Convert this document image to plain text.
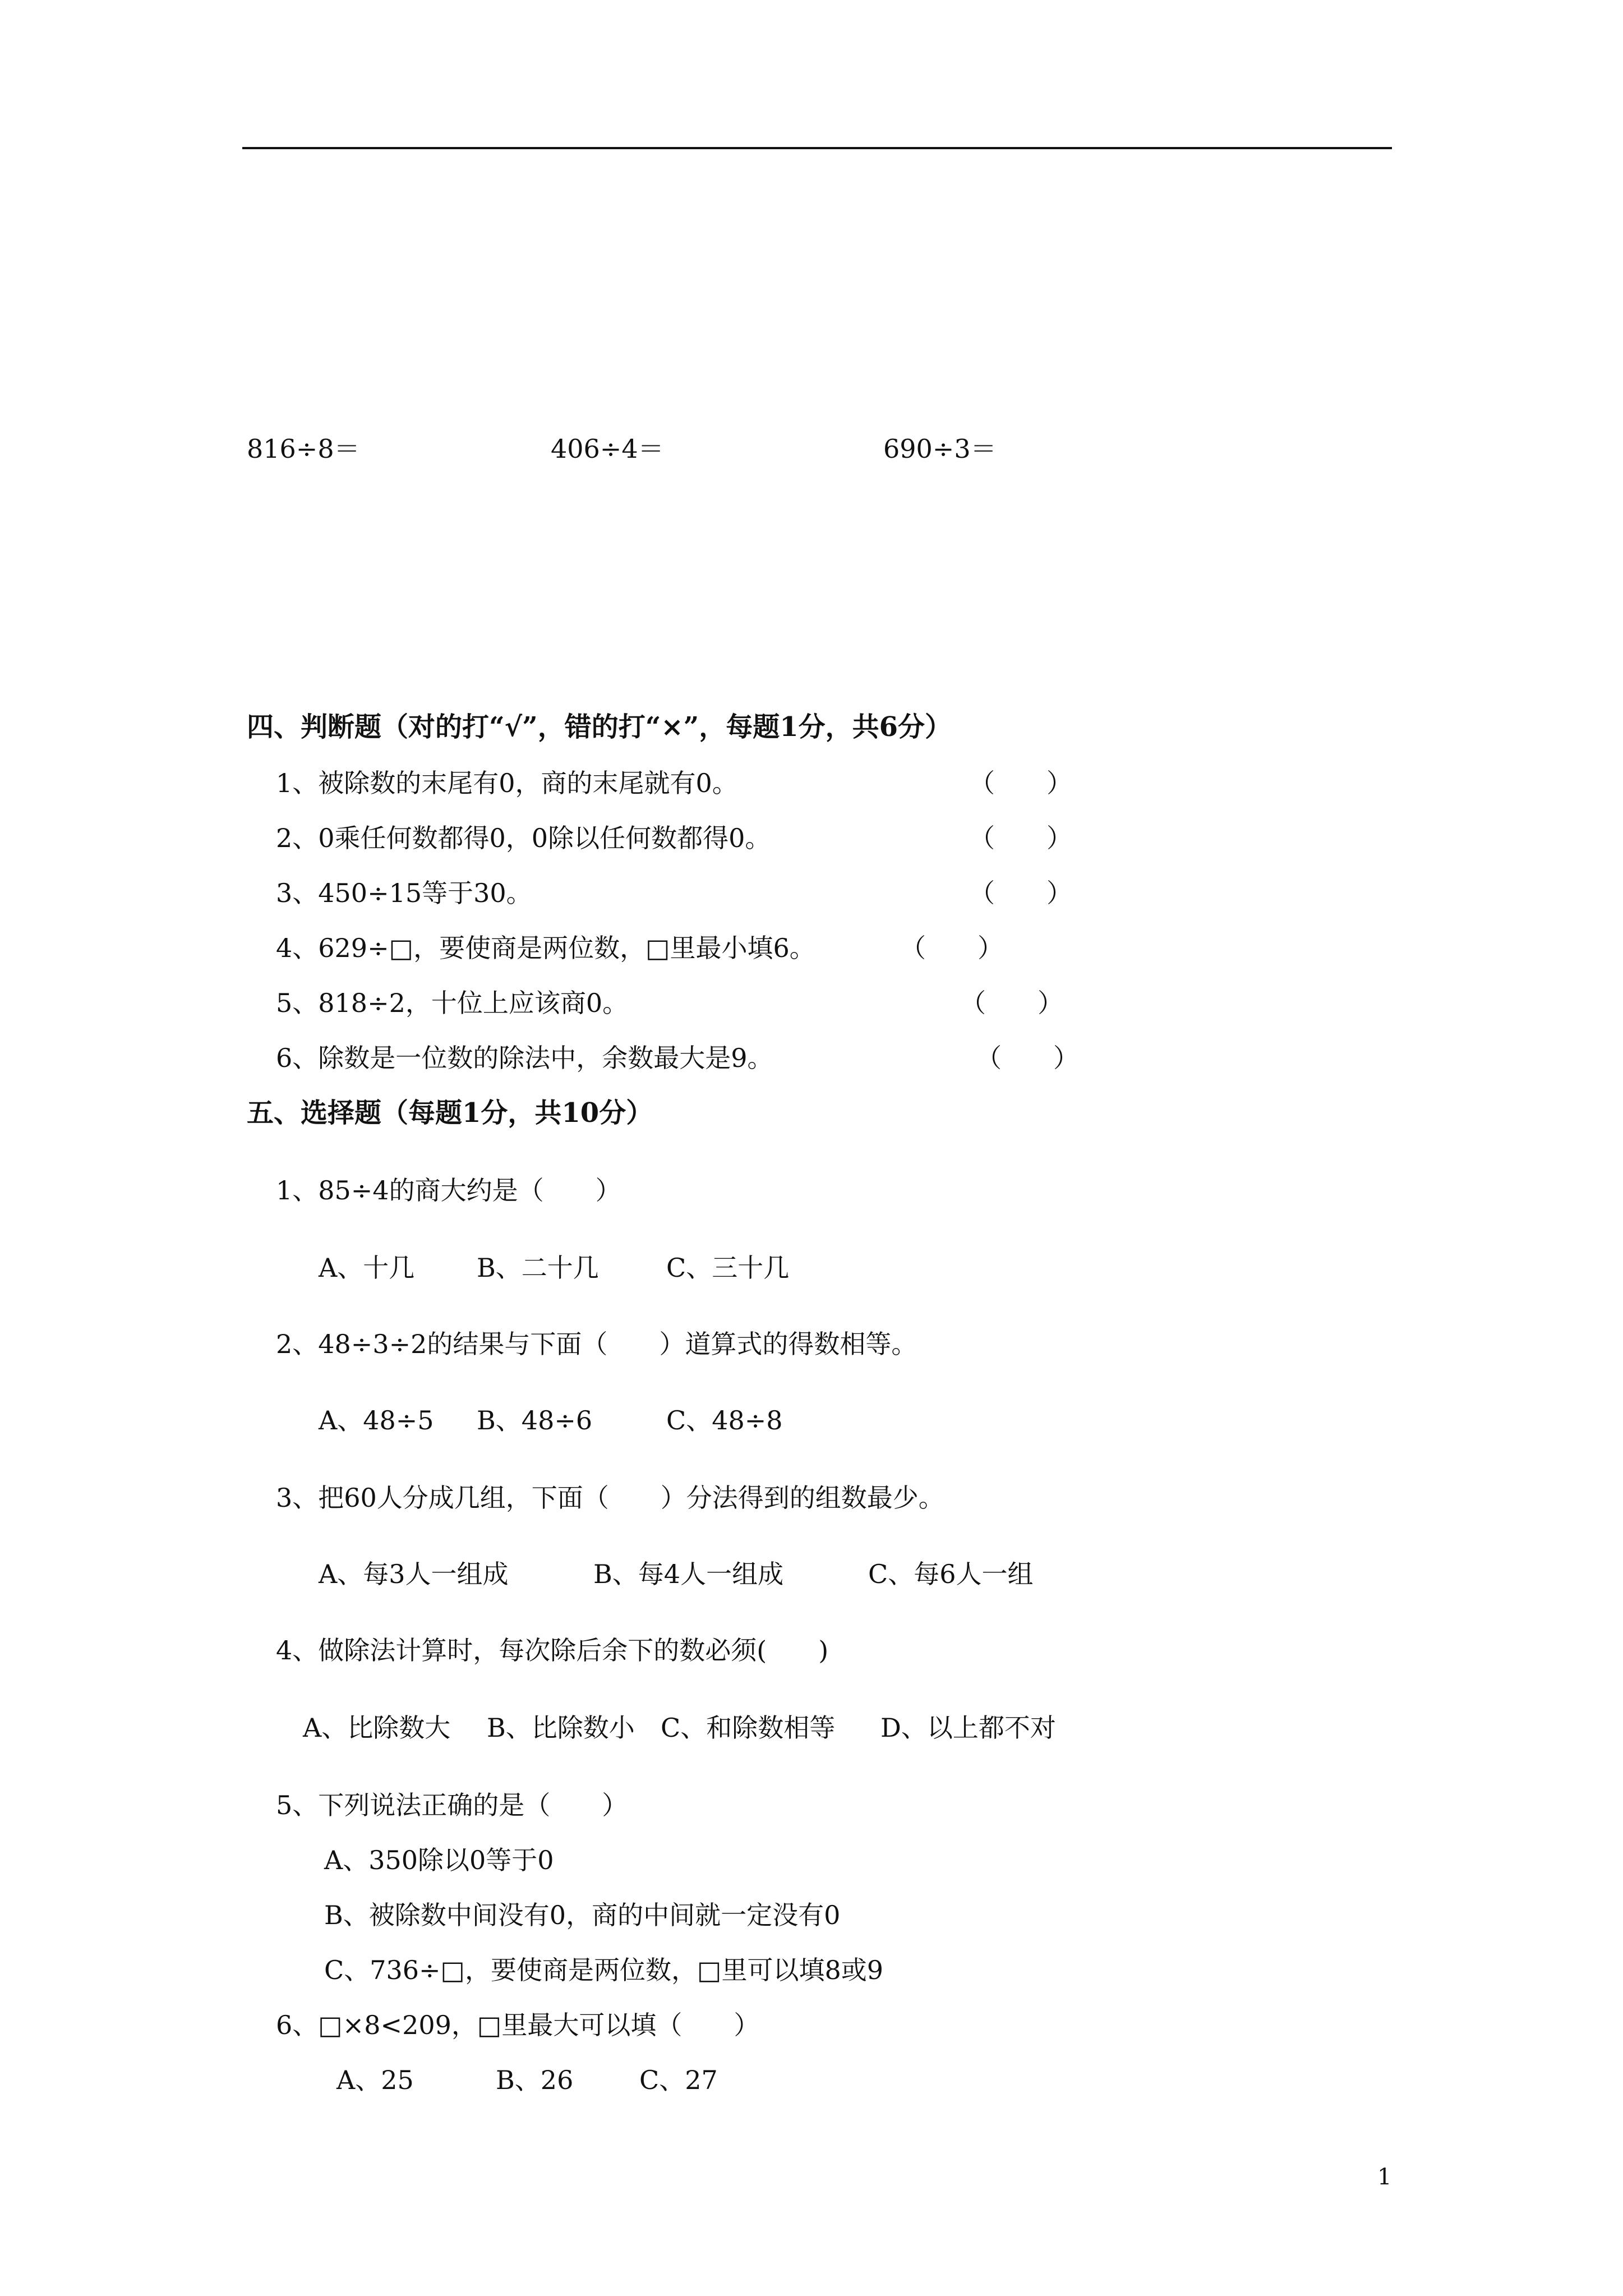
816÷8＝	406÷4＝	690÷3＝
四、判断题（对的打“√”，错的打“×”，每题1分，共6分）
1、被除数的末尾有0，商的末尾就有0。	（　　）
2、0乘任何数都得0，0除以任何数都得0。	（　　）
3、450÷15等于30。	（　　）
4、629÷□，要使商是两位数，□里最小填6。	（　　）
5、818÷2，十位上应该商0。	（　　）
6、除数是一位数的除法中，余数最大是9。	（　　）
五、选择题（每题1分，共10分）
1、85÷4的商大约是（　　）
A、十几 B、二十几	C、三十几
2、48÷3÷2的结果与下面（　　）道算式的得数相等。
A、48÷5 B、48÷6	C、48÷8
3、把60人分成几组，下面（　　）分法得到的组数最少。
A、每3人一组成	B、每4人一组成	C、每6人一组
4、做除法计算时，每次除后余下的数必须(　　)
A、比除数大 B、比除数小 C、和除数相等 D、以上都不对
5、下列说法正确的是（　　）
A、350除以0等于0
B、被除数中间没有0，商的中间就一定没有0
C、736÷□，要使商是两位数，□里可以填8或9
6、□×8<209，□里最大可以填（　　）
A、25	B、26	C、27
1
